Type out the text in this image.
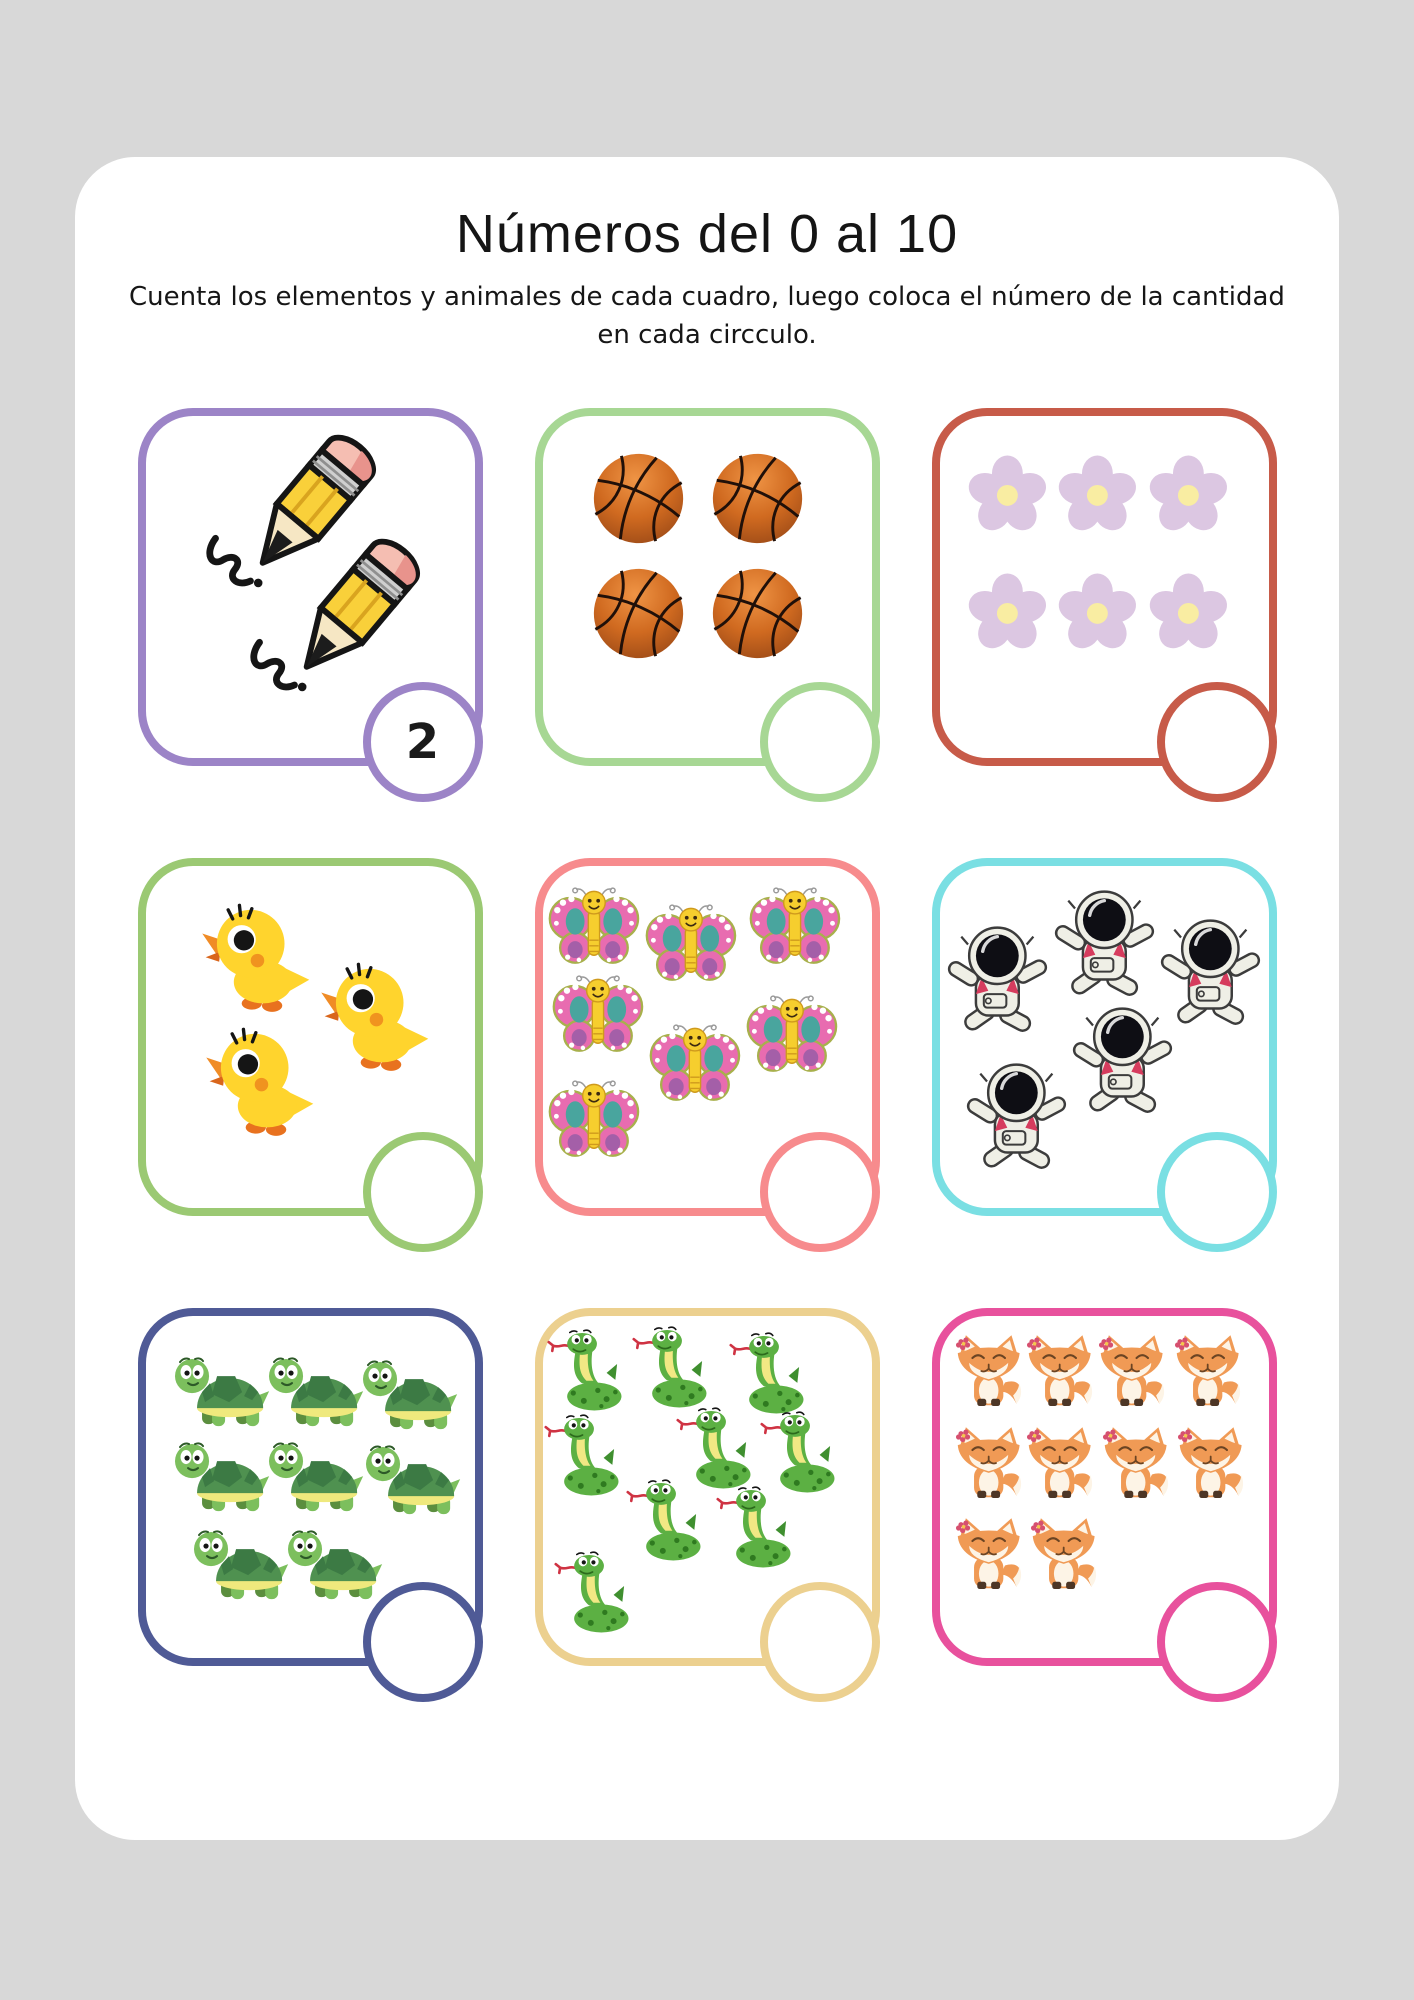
Números del 0 al 10

Cuenta los elementos y animales de cada cuadro, luego coloca el número de la cantidad
en cada circculo.

2
